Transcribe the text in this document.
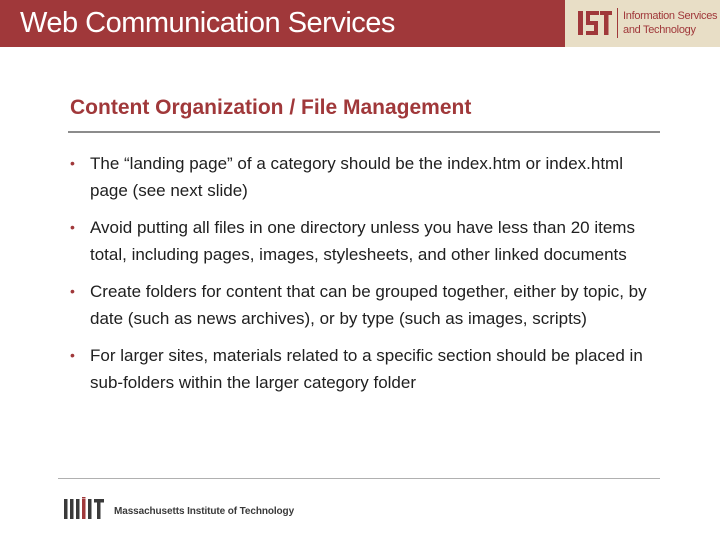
Web Communication Services	Information Services
and Technology
Content Organization / File Management
• The “landing page” of a category should be the index.htm or index.html page (see next slide)
• Avoid putting all files in one directory unless you have less than 20 items total, including pages, images, stylesheets, and other linked documents
• Create folders for content that can be grouped together, either by topic, by date (such as news archives), or by type (such as images, scripts)
• For larger sites, materials related to a specific section should be placed in sub-folders within the larger category folder
Massachusetts Institute of Technology
